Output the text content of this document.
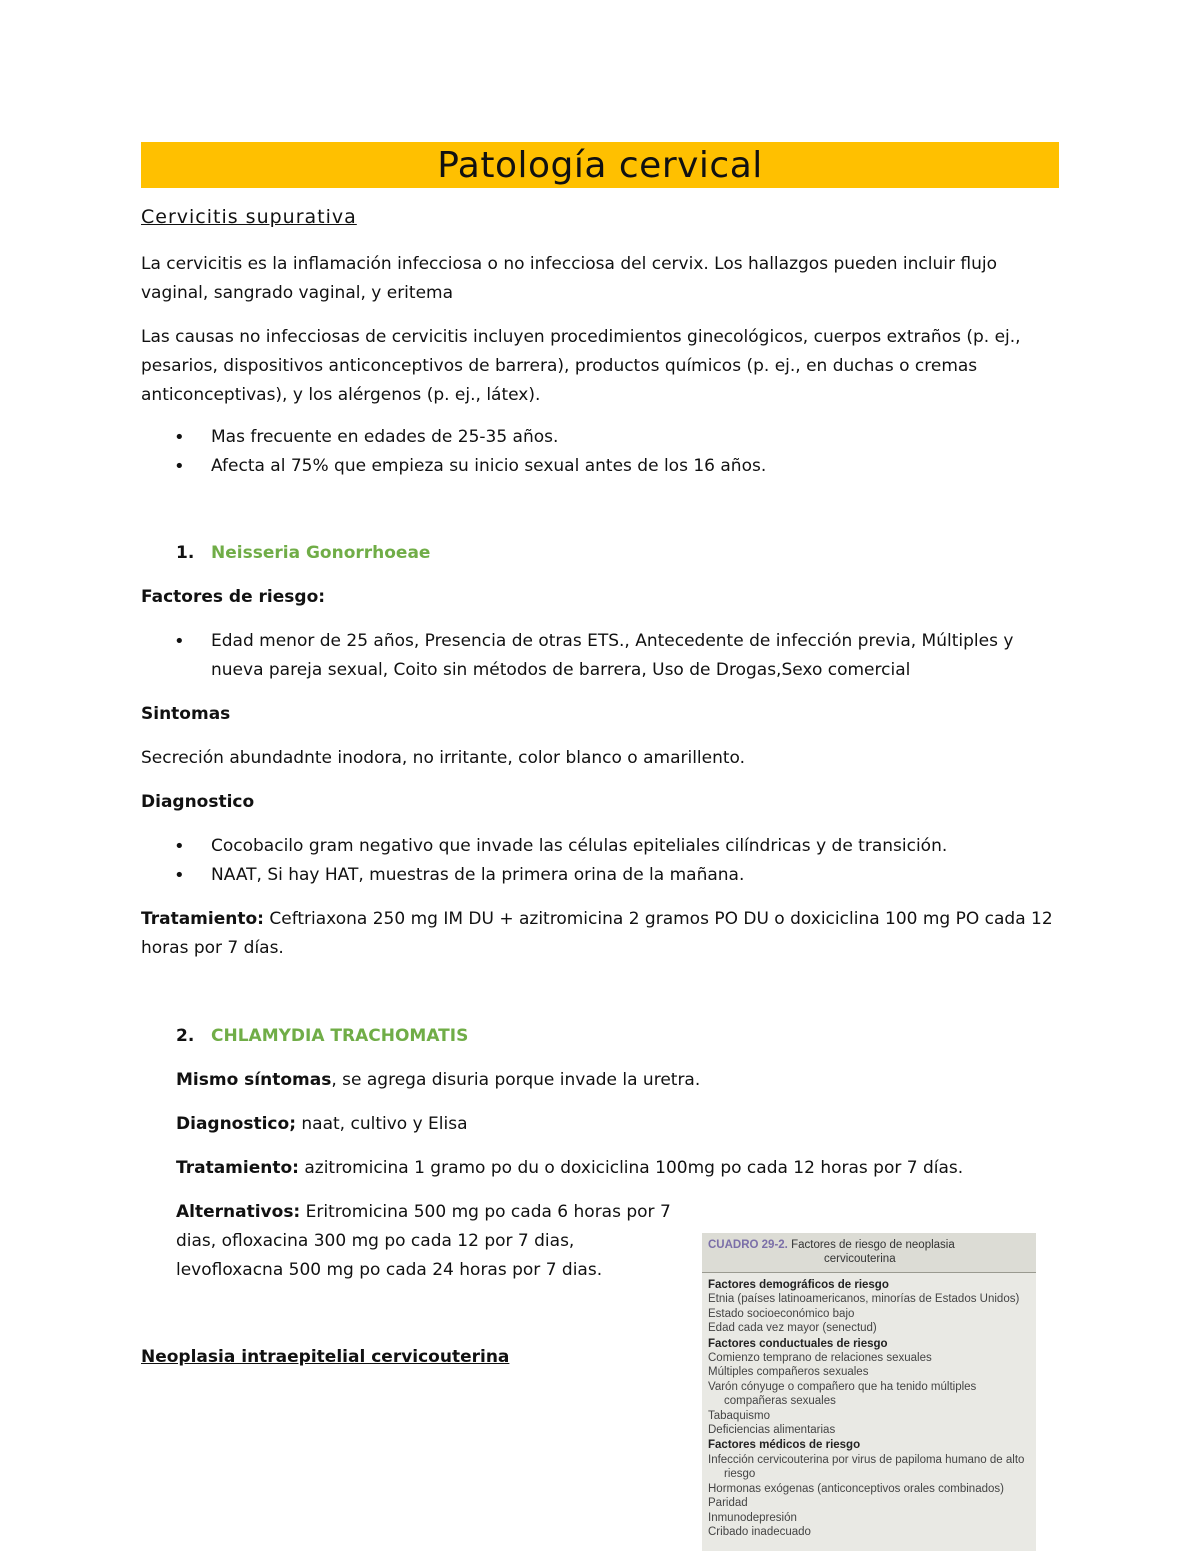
Patología cervical
Cervicitis supurativa
La cervicitis es la inflamación infecciosa o no infecciosa del cervix. Los hallazgos pueden incluir flujo
vaginal, sangrado vaginal, y eritema
Las causas no infecciosas de cervicitis incluyen procedimientos ginecológicos, cuerpos extraños (p. ej.,
pesarios, dispositivos anticonceptivos de barrera), productos químicos (p. ej., en duchas o cremas
anticonceptivas), y los alérgenos (p. ej., látex).
• Mas frecuente en edades de 25-35 años.
• Afecta al 75% que empieza su inicio sexual antes de los 16 años.
1. Neisseria Gonorrhoeae
Factores de riesgo:
• Edad menor de 25 años, Presencia de otras ETS., Antecedente de infección previa, Múltiples y
nueva pareja sexual, Coito sin métodos de barrera, Uso de Drogas,Sexo comercial
Sintomas
Secreción abundadnte inodora, no irritante, color blanco o amarillento.
Diagnostico
• Cocobacilo gram negativo que invade las células epiteliales cilíndricas y de transición.
• NAAT, Si hay HAT, muestras de la primera orina de la mañana.
Tratamiento: Ceftriaxona 250 mg IM DU + azitromicina 2 gramos PO DU o doxiciclina 100 mg PO cada 12
horas por 7 días.
2. CHLAMYDIA TRACHOMATIS
Mismo síntomas, se agrega disuria porque invade la uretra.
Diagnostico; naat, cultivo y Elisa
Tratamiento: azitromicina 1 gramo po du o doxiciclina 100mg po cada 12 horas por 7 días.
Alternativos: Eritromicina 500 mg po cada 6 horas por 7
dias, ofloxacina 300 mg po cada 12 por 7 dias,
levofloxacna 500 mg po cada 24 horas por 7 dias.
Neoplasia intraepitelial cervicouterina
CUADRO 29-2. Factores de riesgo de neoplasia
cervicouterina
Factores demográficos de riesgo
Etnia (países latinoamericanos, minorías de Estados Unidos)
Estado socioeconómico bajo
Edad cada vez mayor (senectud)
Factores conductuales de riesgo
Comienzo temprano de relaciones sexuales
Múltiples compañeros sexuales
Varón cónyuge o compañero que ha tenido múltiples
compañeras sexuales
Tabaquismo
Deficiencias alimentarias
Factores médicos de riesgo
Infección cervicouterina por virus de papiloma humano de alto
riesgo
Hormonas exógenas (anticonceptivos orales combinados)
Paridad
Inmunodepresión
Cribado inadecuado
